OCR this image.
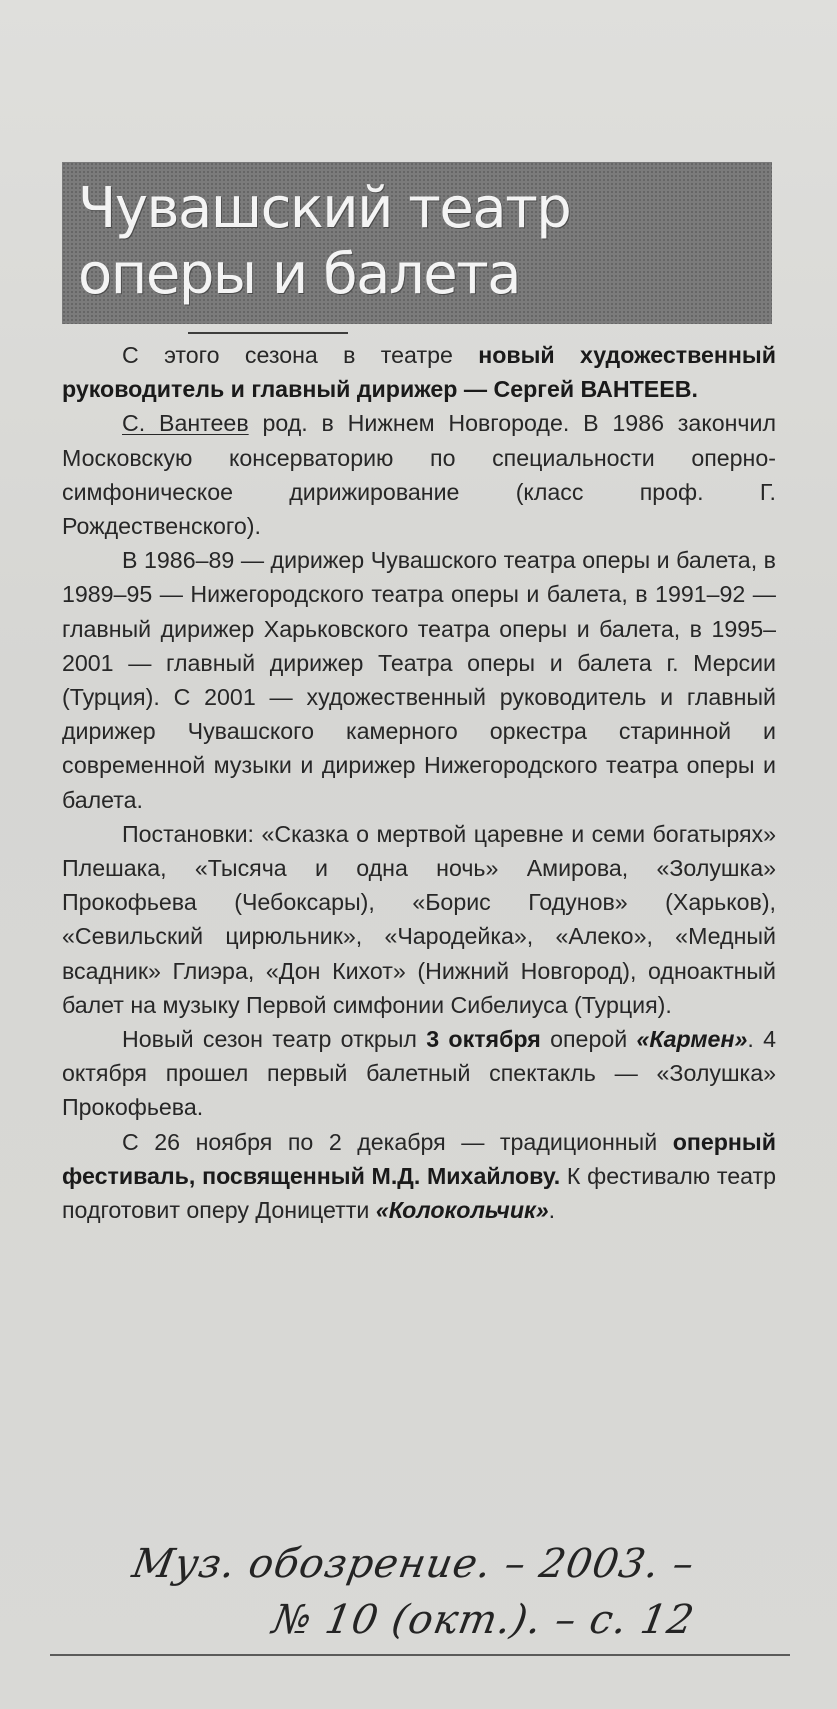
Чувашский театр
оперы и балета

С этого сезона в театре новый художественный руководитель и главный дирижер — Сергей ВАНТЕЕВ.

С. Вантеев род. в Нижнем Новгороде. В 1986 закончил Московскую консерваторию по специальности оперно-симфоническое дирижирование (класс проф. Г. Рождественского).

В 1986–89 — дирижер Чувашского театра оперы и балета, в 1989–95 — Нижегородского театра оперы и балета, в 1991–92 — главный дирижер Харьковского театра оперы и балета, в 1995–2001 — главный дирижер Театра оперы и балета г. Мерсии (Турция). С 2001 — художественный руководитель и главный дирижер Чувашского камерного оркестра старинной и современной музыки и дирижер Нижегородского театра оперы и балета.

Постановки: «Сказка о мертвой царевне и семи богатырях» Плешака, «Тысяча и одна ночь» Амирова, «Золушка» Прокофьева (Чебоксары), «Борис Годунов» (Харьков), «Севильский цирюльник», «Чародейка», «Алеко», «Медный всадник» Глиэра, «Дон Кихот» (Нижний Новгород), одноактный балет на музыку Первой симфонии Сибелиуса (Турция).

Новый сезон театр открыл 3 октября оперой «Кармен». 4 октября прошел первый балетный спектакль — «Золушка» Прокофьева.

С 26 ноября по 2 декабря — традиционный оперный фестиваль, посвященный М.Д. Михайлову. К фестивалю театр подготовит оперу Доницетти «Колокольчик».

Муз. обозрение. – 2003. –
№ 10 (окт.). – с. 12
